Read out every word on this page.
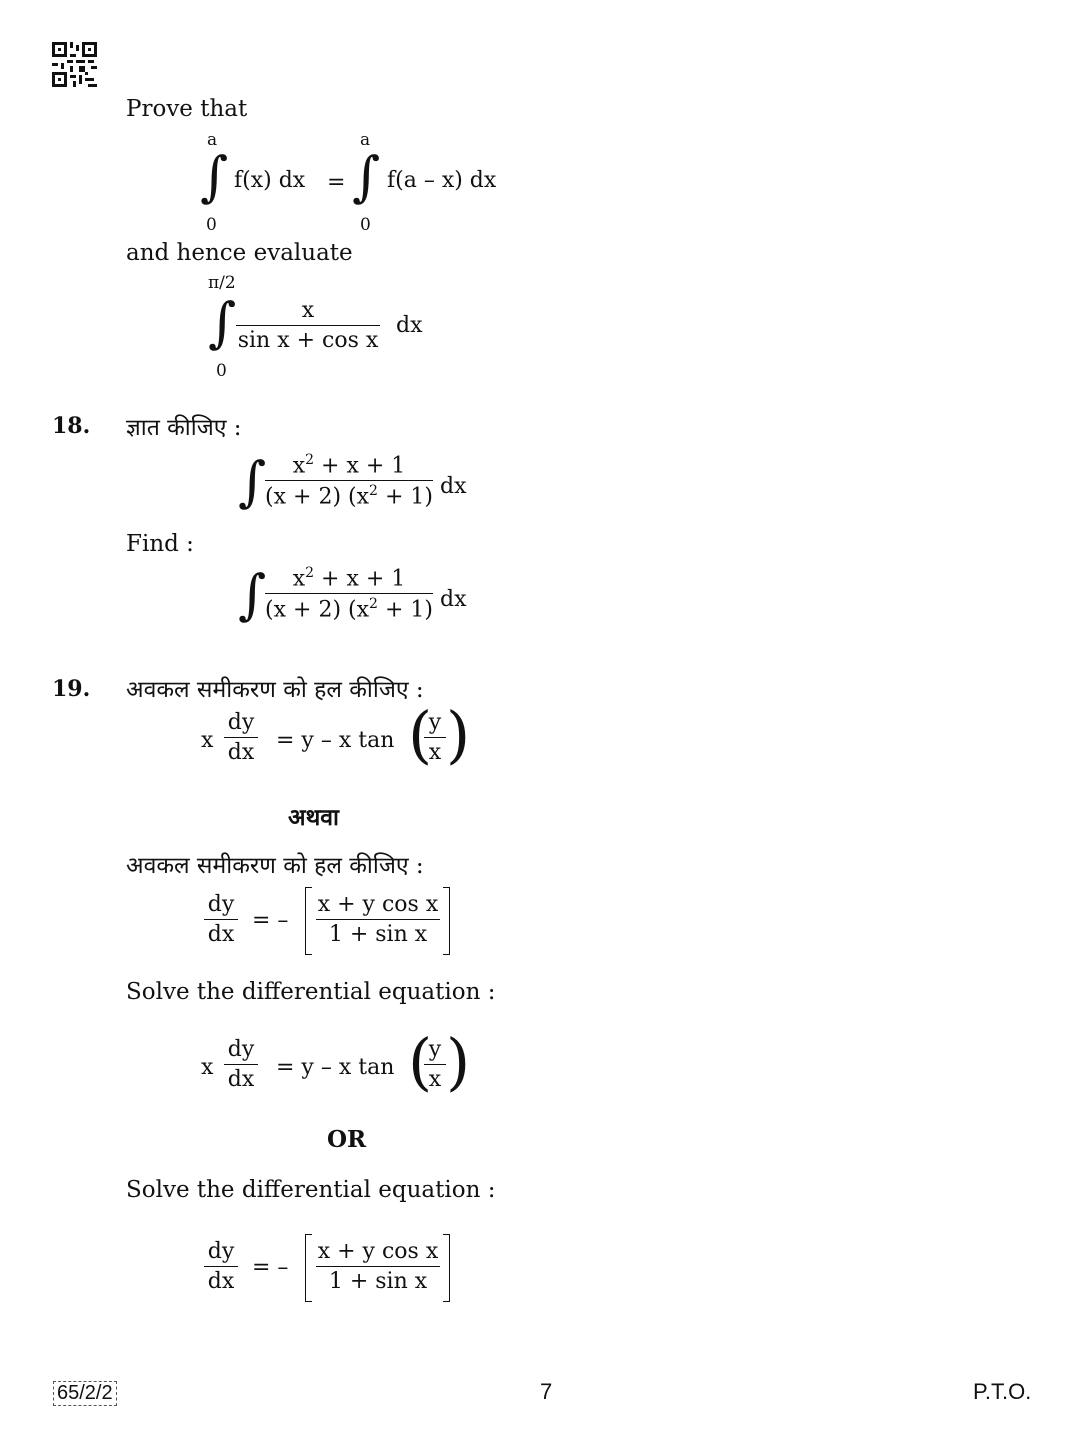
Prove that
a
∫
0
f(x) dx =
a
∫
0
f(a – x) dx
and hence evaluate
π/2
∫
0
x
sin x + cos x
dx
18. ज्ञात कीजिए :
∫ $x^2 + x + 1$
(x + 2) $(x^2 + 1)$ dx
Find :
∫ $x^2 + x + 1$
(x + 2) $(x^2 + 1)$ dx
19. अवकल समीकरण को हल कीजिए :
x
dy
dx = y – x tan (
y
x )
अथवा
अवकल समीकरण को हल कीजिए :
dy
dx
= –
x + y cos x
1 + sin x
Solve the differential equation :
x
dy
dx = y – x tan (
y
x )
OR
Solve the differential equation :
dy
dx
= –
x + y cos x
1 + sin x
65/2/2	7	P.T.O.
